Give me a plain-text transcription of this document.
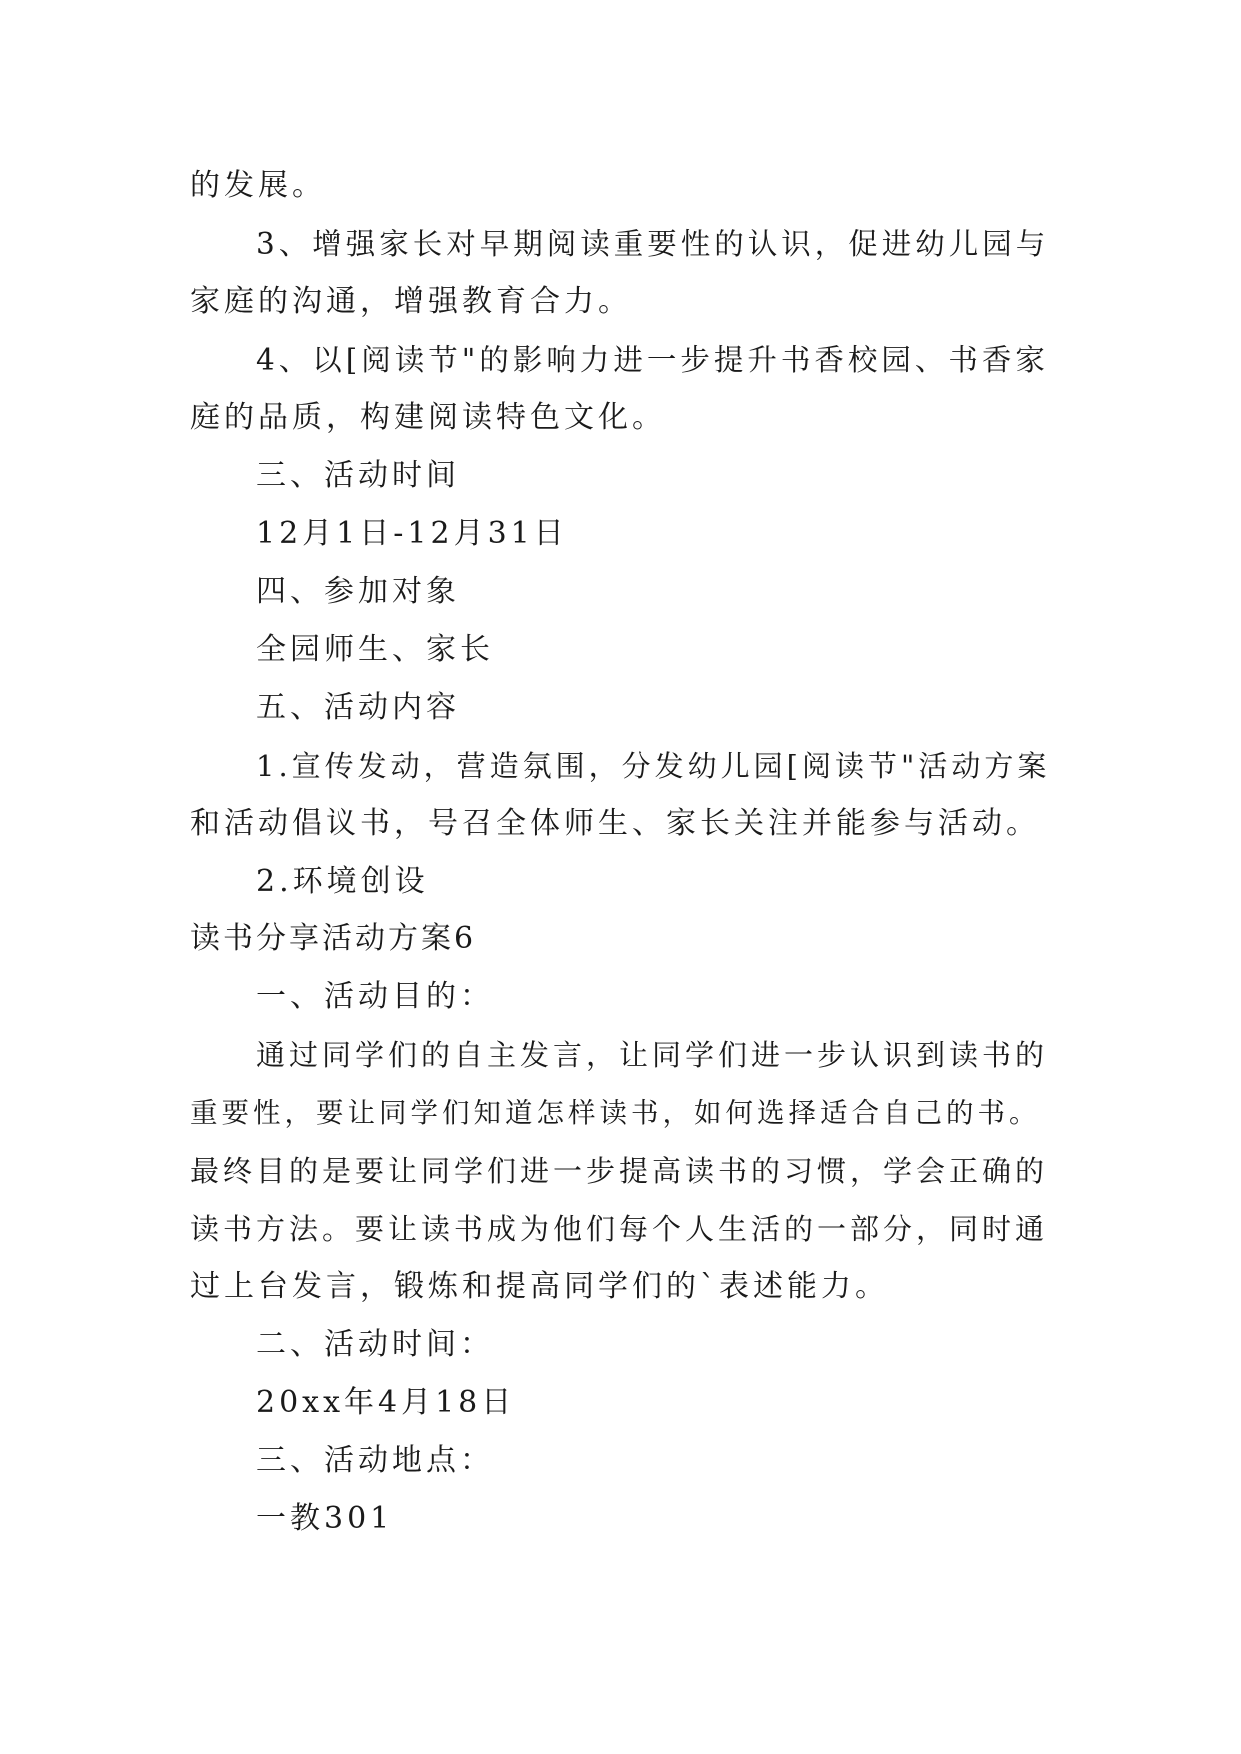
的发展。
3、增强家长对早期阅读重要性的认识，促进幼儿园与
家庭的沟通，增强教育合力。
4、以[阅读节"的影响力进一步提升书香校园、书香家
庭的品质，构建阅读特色文化。
三、活动时间
12月1日-12月31日
四、参加对象
全园师生、家长
五、活动内容
1.宣传发动，营造氛围，分发幼儿园[阅读节"活动方案
和活动倡议书，号召全体师生、家长关注并能参与活动。
2.环境创设
读书分享活动方案6
一、活动目的：
通过同学们的自主发言，让同学们进一步认识到读书的
重要性，要让同学们知道怎样读书，如何选择适合自己的书。
最终目的是要让同学们进一步提高读书的习惯，学会正确的
读书方法。要让读书成为他们每个人生活的一部分，同时通
过上台发言，锻炼和提高同学们的`表述能力。
二、活动时间：
20xx年4月18日
三、活动地点：
一教301
